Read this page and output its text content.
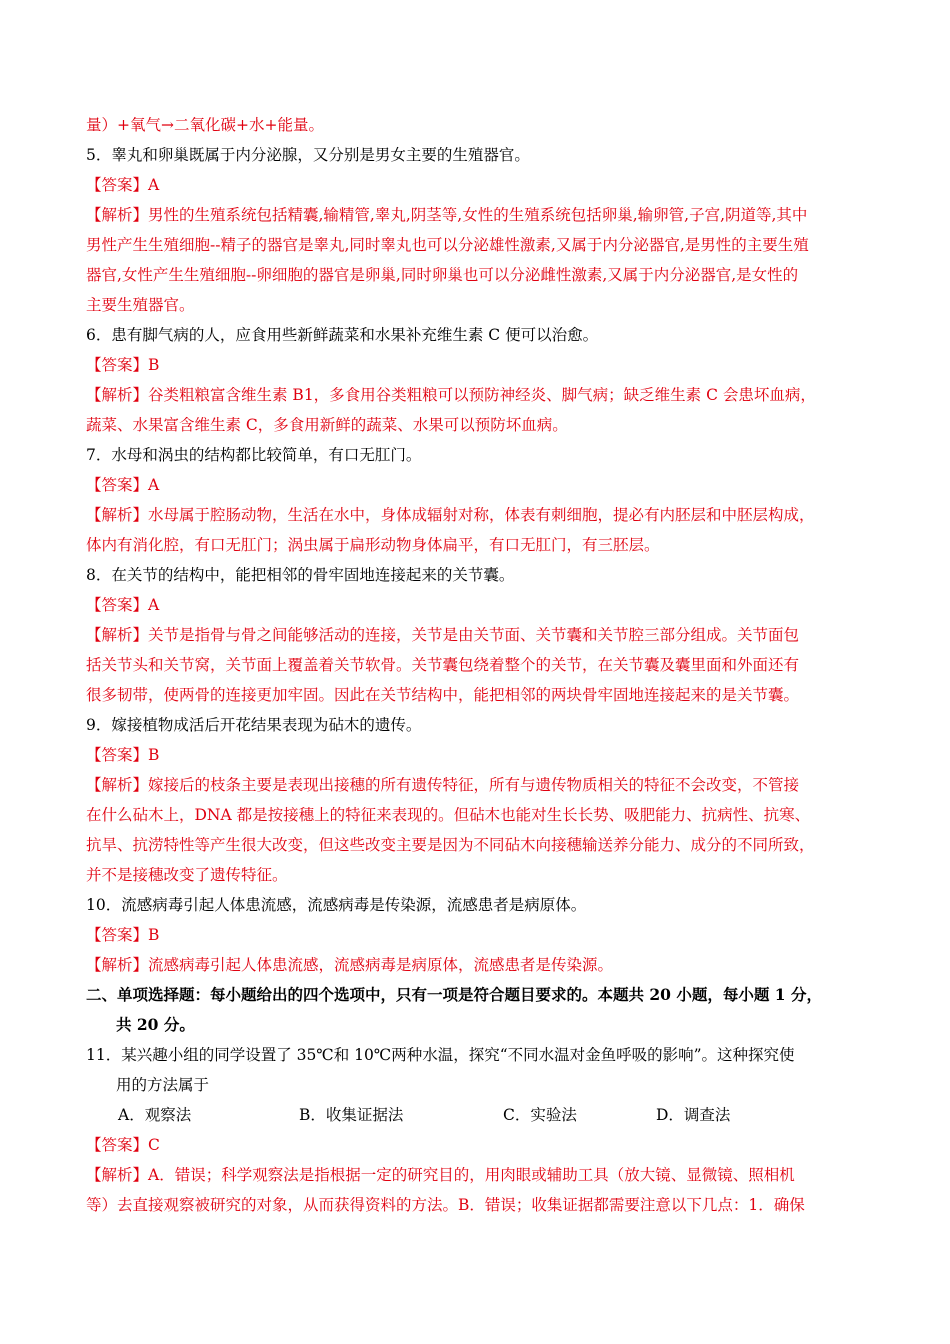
量）+氧气→二氧化碳+水+能量。
5．睾丸和卵巢既属于内分泌腺，又分别是男女主要的生殖器官。
【答案】A
【解析】男性的生殖系统包括精囊,输精管,睾丸,阴茎等,女性的生殖系统包括卵巢,输卵管,子宫,阴道等,其中
男性产生生殖细胞--精子的器官是睾丸,同时睾丸也可以分泌雄性激素,又属于内分泌器官,是男性的主要生殖
器官,女性产生生殖细胞--卵细胞的器官是卵巢,同时卵巢也可以分泌雌性激素,又属于内分泌器官,是女性的
主要生殖器官。
6．患有脚气病的人，应食用些新鲜蔬菜和水果补充维生素 C 便可以治愈。
【答案】B
【解析】谷类粗粮富含维生素 B1，多食用谷类粗粮可以预防神经炎、脚气病；缺乏维生素 C 会患坏血病，
蔬菜、水果富含维生素 C，多食用新鲜的蔬菜、水果可以预防坏血病。
7．水母和涡虫的结构都比较简单，有口无肛门。
【答案】A
【解析】水母属于腔肠动物，生活在水中，身体成辐射对称，体表有刺细胞，提必有内胚层和中胚层构成，
体内有消化腔，有口无肛门；涡虫属于扁形动物身体扁平，有口无肛门，有三胚层。
8．在关节的结构中，能把相邻的骨牢固地连接起来的关节囊。
【答案】A
【解析】关节是指骨与骨之间能够活动的连接，关节是由关节面、关节囊和关节腔三部分组成。关节面包
括关节头和关节窝，关节面上覆盖着关节软骨。关节囊包绕着整个的关节，在关节囊及囊里面和外面还有
很多韧带，使两骨的连接更加牢固。因此在关节结构中，能把相邻的两块骨牢固地连接起来的是关节囊。
9．嫁接植物成活后开花结果表现为砧木的遗传。
【答案】B
【解析】嫁接后的枝条主要是表现出接穗的所有遗传特征，所有与遗传物质相关的特征不会改变，不管接
在什么砧木上，DNA 都是按接穗上的特征来表现的。但砧木也能对生长长势、吸肥能力、抗病性、抗寒、
抗旱、抗涝特性等产生很大改变，但这些改变主要是因为不同砧木向接穗输送养分能力、成分的不同所致，
并不是接穗改变了遗传特征。
10．流感病毒引起人体患流感，流感病毒是传染源，流感患者是病原体。
【答案】B
【解析】流感病毒引起人体患流感，流感病毒是病原体，流感患者是传染源。
二、单项选择题：每小题给出的四个选项中，只有一项是符合题目要求的。本题共 20 小题，每小题 1 分，
共 20 分。
11．某兴趣小组的同学设置了 35℃和 10℃两种水温，探究“不同水温对金鱼呼吸的影响”。这种探究使
用的方法属于
A．观察法	B．收集证据法	C．实验法	D．调查法
【答案】C
【解析】A．错误；科学观察法是指根据一定的研究目的，用肉眼或辅助工具（放大镜、显微镜、照相机
等）去直接观察被研究的对象，从而获得资料的方法。B．错误；收集证据都需要注意以下几点：1．确保
